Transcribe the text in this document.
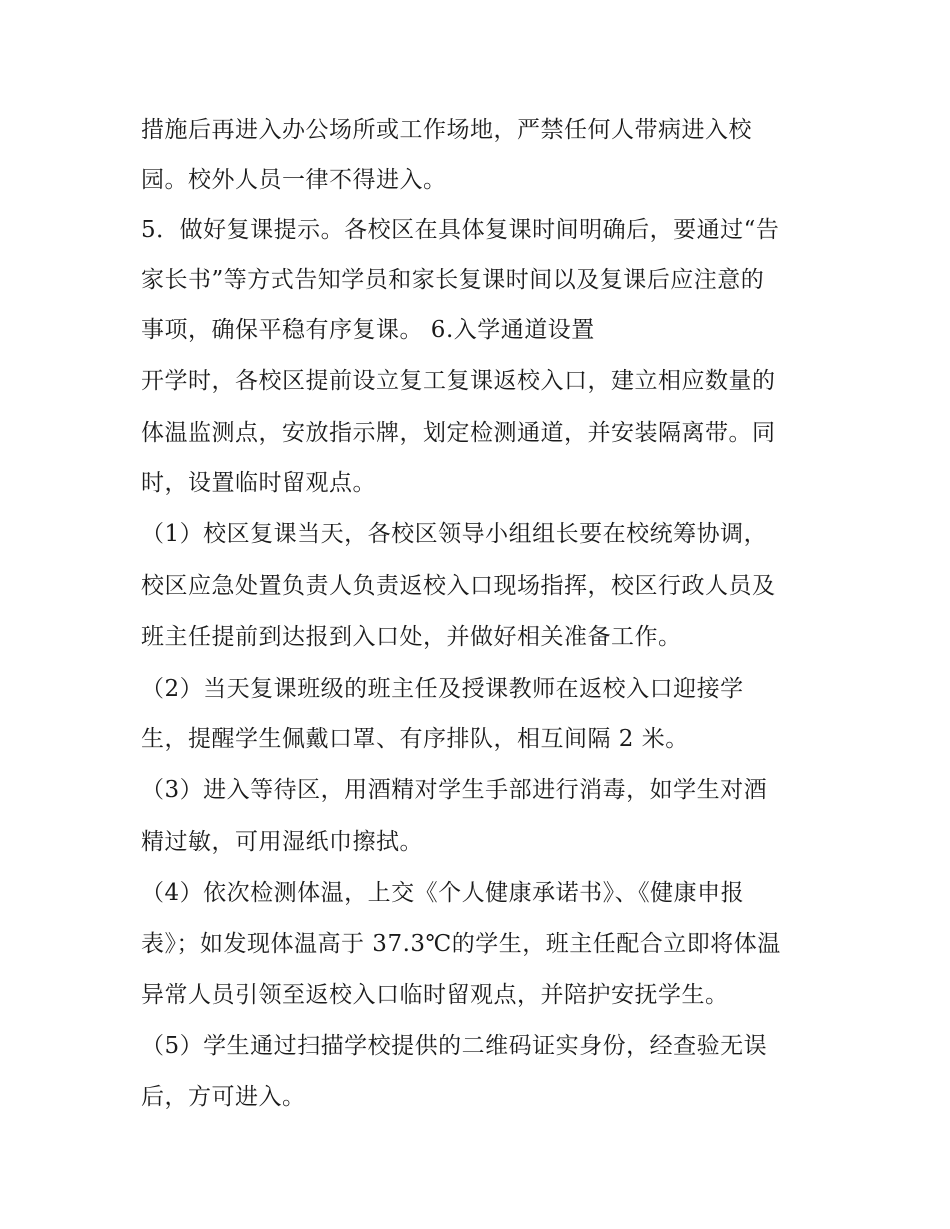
措施后再进入办公场所或工作场地，严禁任何人带病进入校
园。校外人员一律不得进入。
5．做好复课提示。各校区在具体复课时间明确后，要通过“告
家长书”等方式告知学员和家长复课时间以及复课后应注意的
事项，确保平稳有序复课。 6.入学通道设置
开学时，各校区提前设立复工复课返校入口，建立相应数量的
体温监测点，安放指示牌，划定检测通道，并安装隔离带。同
时，设置临时留观点。
（1）校区复课当天，各校区领导小组组长要在校统筹协调，
校区应急处置负责人负责返校入口现场指挥，校区行政人员及
班主任提前到达报到入口处，并做好相关准备工作。
（2）当天复课班级的班主任及授课教师在返校入口迎接学
生，提醒学生佩戴口罩、有序排队，相互间隔 2 米。
（3）进入等待区，用酒精对学生手部进行消毒，如学生对酒
精过敏，可用湿纸巾擦拭。
（4）依次检测体温，上交《个人健康承诺书》、《健康申报
表》；如发现体温高于 37.3℃的学生，班主任配合立即将体温
异常人员引领至返校入口临时留观点，并陪护安抚学生。
（5）学生通过扫描学校提供的二维码证实身份，经查验无误
后，方可进入。
